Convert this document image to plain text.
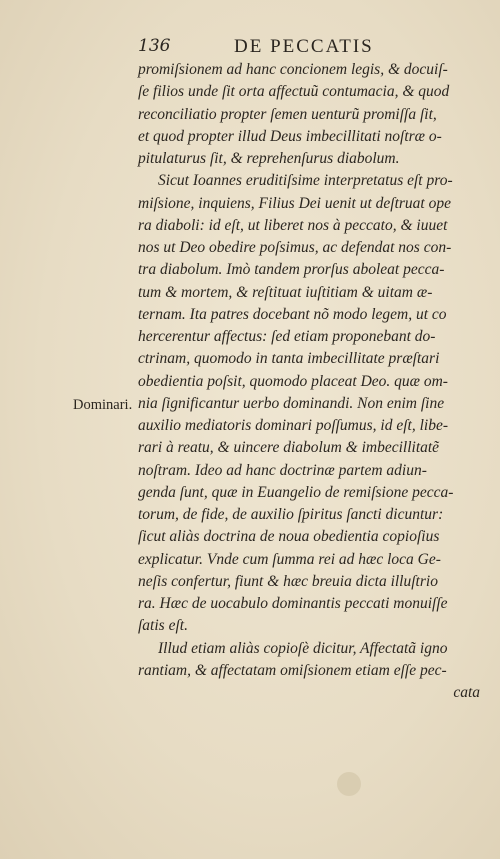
136	DE PECCATIS
Dominari.
promiſsionem ad hanc concionem legis, & docuiſ-
ſe filios unde ſit orta affectuũ contumacia, & quod
reconciliatio propter ſemen uenturũ promiſſa ſit,
et quod propter illud Deus imbecillitati noſtræ o-
pitulaturus ſit, & reprehenſurus diabolum.
Sicut Ioannes eruditiſsime interpretatus eſt pro-
miſsione, inquiens, Filius Dei uenit ut deſtruat ope
ra diaboli: id eſt, ut liberet nos à peccato, & iuuet
nos ut Deo obedire poſsimus, ac defendat nos con-
tra diabolum. Imò tandem prorſus aboleat pecca-
tum & mortem, & reſtituat iuſtitiam & uitam æ-
ternam. Ita patres docebant nõ modo legem, ut co
hercerentur affectus: ſed etiam proponebant do-
ctrinam, quomodo in tanta imbecillitate præſtari
obedientia poſsit, quomodo placeat Deo. quæ om-
nia ſignificantur uerbo dominandi. Non enim ſine
auxilio mediatoris dominari poſſumus, id eſt, libe-
rari à reatu, & uincere diabolum & imbecillitatẽ
noſtram. Ideo ad hanc doctrinæ partem adiun-
genda ſunt, quæ in Euangelio de remiſsione pecca-
torum, de fide, de auxilio ſpiritus ſancti dicuntur:
ſicut aliàs doctrina de noua obedientia copioſius
explicatur. Vnde cum ſumma rei ad hæc loca Ge-
neſis confertur, fiunt & hæc breuia dicta illuſtrio
ra. Hæc de uocabulo dominantis peccati monuiſſe
ſatis eſt.
Illud etiam aliàs copioſè dicitur, Affectatã igno
rantiam, & affectatam omiſsionem etiam eſſe pec-
cata
